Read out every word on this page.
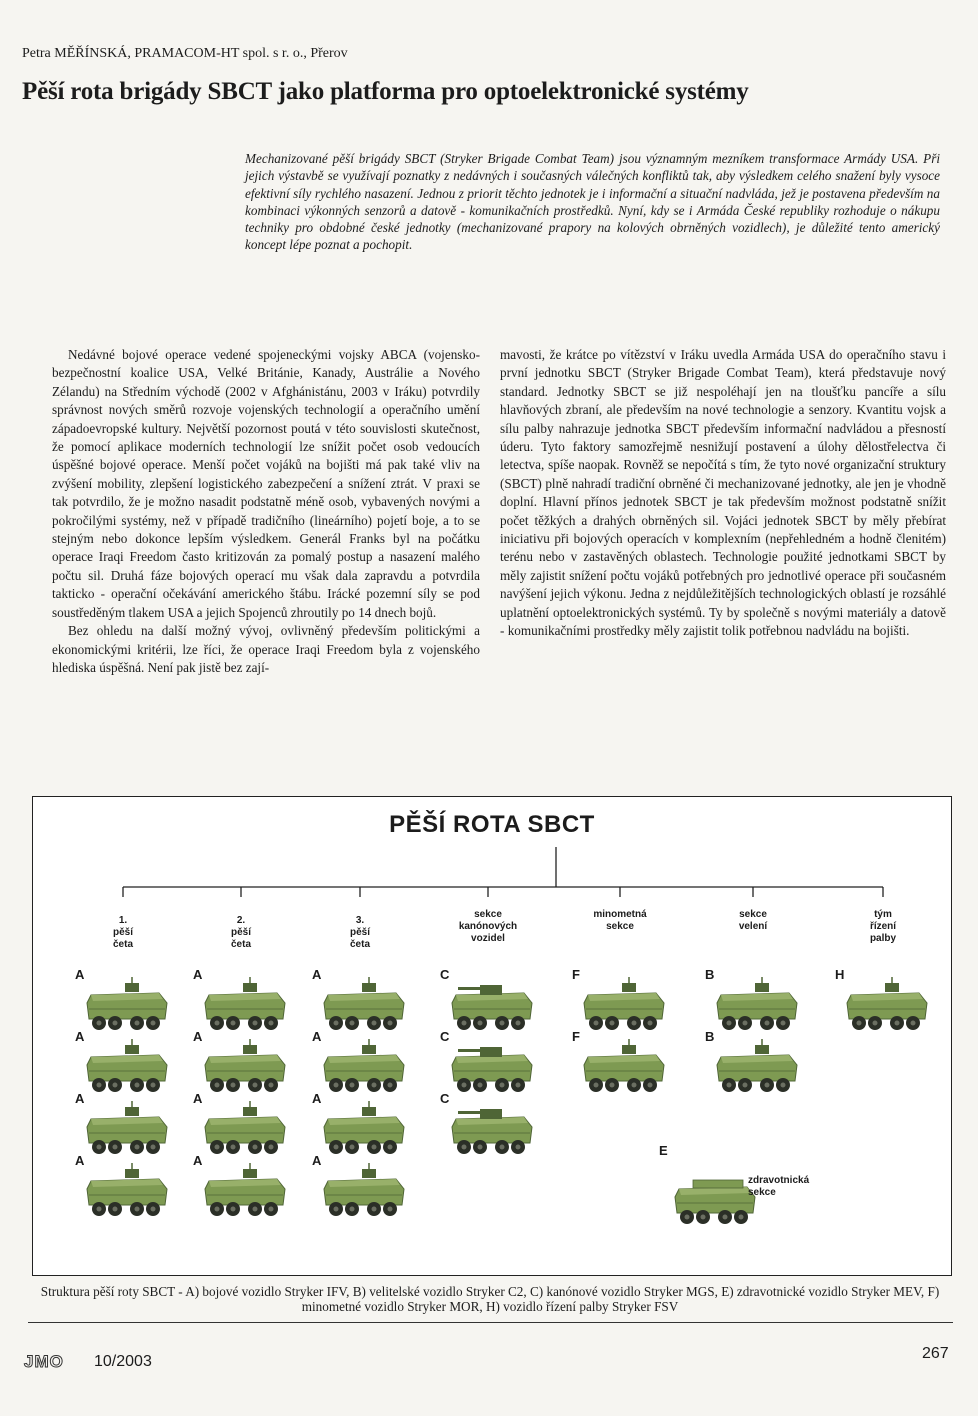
Petra MĚŘÍNSKÁ, PRAMACOM-HT spol. s r. o., Přerov
Pěší rota brigády SBCT jako platforma pro optoelektronické systémy

Mechanizované pěší brigády SBCT (Stryker Brigade Combat Team) jsou významným mezníkem transformace Armády USA. Při jejich výstavbě se využívají poznatky z nedávných i současných válečných konfliktů tak, aby výsledkem celého snažení byly vysoce efektivní síly rychlého nasazení. Jednou z priorit těchto jednotek je i informační a situační nadvláda, jež je postavena především na kombinaci výkonných senzorů a datově - komunikačních prostředků. Nyní, kdy se i Armáda České republiky rozhoduje o nákupu techniky pro obdobné české jednotky (mechanizované prapory na kolových obrněných vozidlech), je důležité tento americký koncept lépe poznat a pochopit.

Nedávné bojové operace vedené spojeneckými vojsky ABCA (vojensko-bezpečnostní koalice USA, Velké Británie, Kanady, Austrálie a Nového Zélandu) na Středním východě (2002 v Afghánistánu, 2003 v Iráku) potvrdily správnost nových směrů rozvoje vojenských technologií a operačního umění západoevropské kultury. Největší pozornost poutá v této souvislosti skutečnost, že pomocí aplikace moderních technologií lze snížit počet osob vedoucích úspěšné bojové operace. Menší počet vojáků na bojišti má pak také vliv na zvýšení mobility, zlepšení logistického zabezpečení a snížení ztrát. V praxi se tak potvrdilo, že je možno nasadit podstatně méně osob, vybavených novými a pokročilými systémy, než v případě tradičního (lineárního) pojetí boje, a to se stejným nebo dokonce lepším výsledkem. Generál Franks byl na počátku operace Iraqi Freedom často kritizován za pomalý postup a nasazení malého počtu sil. Druhá fáze bojových operací mu však dala zapravdu a potvrdila takticko - operační očekávání amerického štábu. Irácké pozemní síly se pod soustředěným tlakem USA a jejich Spojenců zhroutily po 14 dnech bojů.

Bez ohledu na další možný vývoj, ovlivněný především politickými a ekonomickými kritérii, lze říci, že operace Iraqi Freedom byla z vojenského hlediska úspěšná. Není pak jistě bez zají-

mavosti, že krátce po vítězství v Iráku uvedla Armáda USA do operačního stavu i první jednotku SBCT (Stryker Brigade Combat Team), která představuje nový standard. Jednotky SBCT se již nespoléhají jen na tloušťku pancíře a sílu hlavňových zbraní, ale především na nové technologie a senzory. Kvantitu vojsk a sílu palby nahrazuje jednotka SBCT především informační nadvládou a přesností úderu. Tyto faktory samozřejmě nesnižují postavení a úlohy dělostřelectva či letectva, spíše naopak. Rovněž se nepočítá s tím, že tyto nové organizační struktury (SBCT) plně nahradí tradiční obrněné či mechanizované jednotky, ale jen je vhodně doplní. Hlavní přínos jednotek SBCT je tak především možnost podstatně snížit počet těžkých a drahých obrněných sil. Vojáci jednotek SBCT by měly přebírat iniciativu při bojových operacích v komplexním (nepřehledném a hodně členitém) terénu nebo v zastavěných oblastech. Technologie použité jednotkami SBCT by měly zajistit snížení počtu vojáků potřebných pro jednotlivé operace při současném navýšení jejich výkonu. Jedna z nejdůležitějších technologických oblastí je rozsáhlé uplatnění optoelektronických systémů. Ty by společně s novými materiály a datově - komunikačními prostředky měly zajistit tolik potřebnou nadvládu na bojišti.

PĚŠÍ ROTA SBCT
1.
pěší
četa
A
A
A
A
2.
pěší
četa
A
A
A
A
3.
pěší
četa
A
A
A
A
sekce
kanónových
vozidel
C
C
C
minometná
sekce
F
F
sekce
velení
B
B
tým
řízení
palby
H
E
zdravotnická
sekce

Struktura pěší roty SBCT - A) bojové vozidlo Stryker IFV, B) velitelské vozidlo Stryker C2, C) kanónové vozidlo Stryker MGS, E) zdravotnické vozidlo Stryker MEV, F) minometné vozidlo Stryker MOR, H) vozidlo řízení palby Stryker FSV

JMO 10/2003	267
